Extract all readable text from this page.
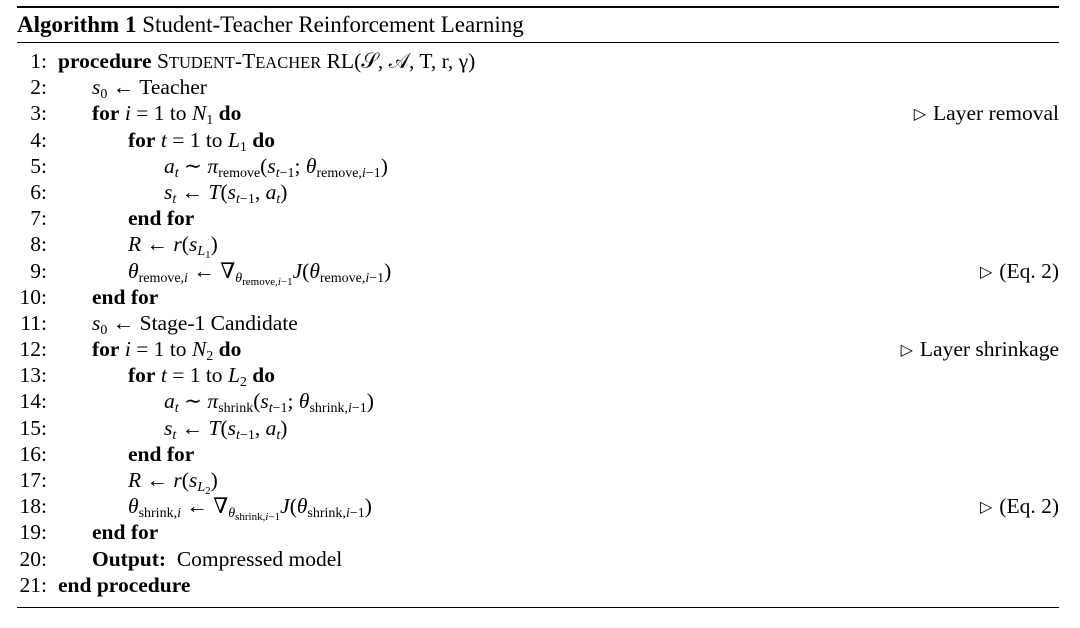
Algorithm 1 Student-Teacher Reinforcement Learning
1: procedure STUDENT-TEACHER RL(𝒮, 𝒜, T, r, γ)
2: $s_0$ ← Teacher
3: for i = 1 to $N_1$ do	▷ Layer removal
4:	for t = 1 to $L_1$ do
5:	$a_t$ ∼ $\pi_{remove}(s_{t-1}$; $\theta_{remove,i-1}$)
6:	$s_t$ ← $T(s_{t-1}$, $a_t$)
7:	end for
8:	R ← $r(s_{L_1})$
9:	$\theta_{remove,i}$ ← $\nabla_{\theta_{remove,i-1}}J(\theta_{remove,i-1})$	▷ (Eq. 2)
10: end for
11: $s_0$ ← Stage-1 Candidate
12: for i = 1 to $N_2$ do	▷ Layer shrinkage
13:	for t = 1 to $L_2$ do
14:	$a_t$ ∼ $\pi_{shrink}(s_{t-1}$; $\theta_{shrink,i-1}$)
15:	$s_t$ ← $T(s_{t-1}$, $a_t$)
16:	end for
17:	R ← $r(s_{L_2})$
18:	$\theta_{shrink,i}$ ← $\nabla_{\theta_{shrink,i-1}}J(\theta_{shrink,i-1})$	▷ (Eq. 2)
19: end for
20: Output: Compressed model
21: end procedure
